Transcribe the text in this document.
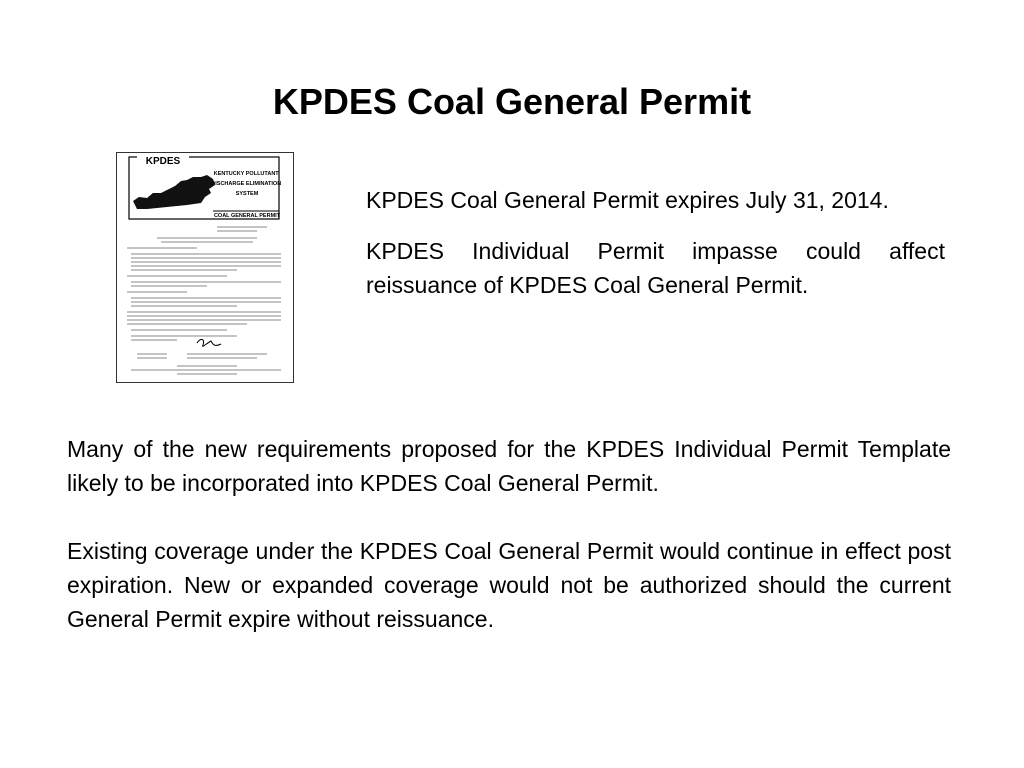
KPDES Coal General Permit
KPDES
KENTUCKY POLLUTANT DISCHARGE ELIMINATION SYSTEM
COAL GENERAL PERMIT

KPDES Coal General Permit expires July 31, 2014.

KPDES Individual Permit impasse could affect reissuance of KPDES Coal General Permit.

Many of the new requirements proposed for the KPDES Individual Permit Template likely to be incorporated into KPDES Coal General Permit.

Existing coverage under the KPDES Coal General Permit would continue in effect post expiration. New or expanded coverage would not be authorized should the current General Permit expire without reissuance.
